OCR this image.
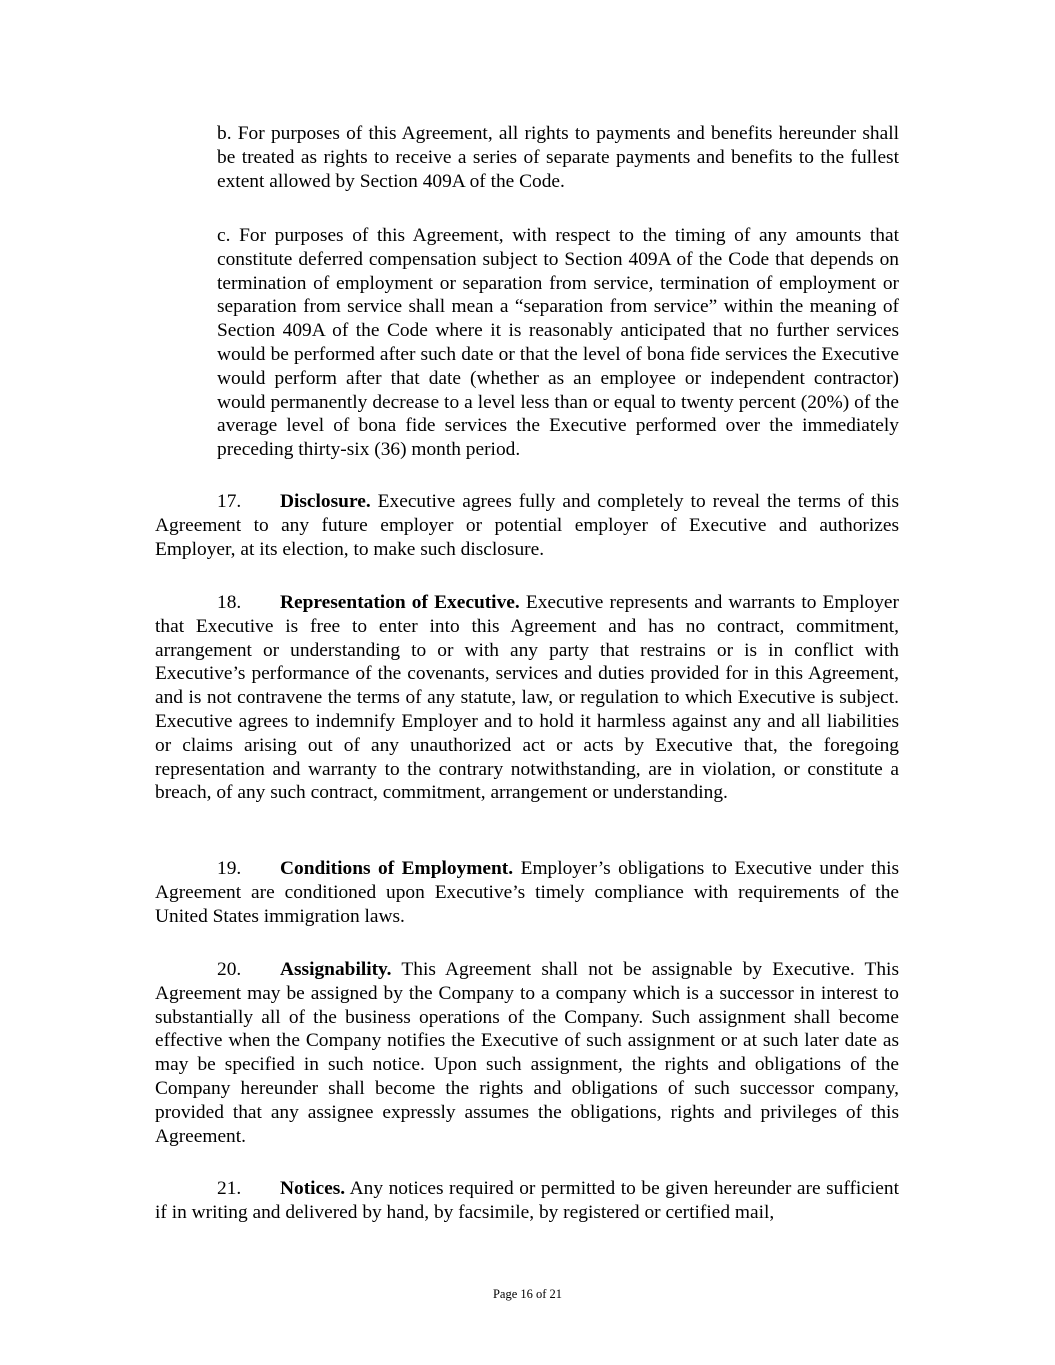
b. For purposes of this Agreement, all rights to payments and benefits hereunder shall be treated as rights to receive a series of separate payments and benefits to the fullest extent allowed by Section 409A of the Code.

c. For purposes of this Agreement, with respect to the timing of any amounts that constitute deferred compensation subject to Section 409A of the Code that depends on termination of employment or separation from service, termination of employment or separation from service shall mean a “separation from service” within the meaning of Section 409A of the Code where it is reasonably anticipated that no further services would be performed after such date or that the level of bona fide services the Executive would perform after that date (whether as an employee or independent contractor) would permanently decrease to a level less than or equal to twenty percent (20%) of the average level of bona fide services the Executive performed over the immediately preceding thirty-six (36) month period.

17. Disclosure. Executive agrees fully and completely to reveal the terms of this Agreement to any future employer or potential employer of Executive and authorizes Employer, at its election, to make such disclosure.

18. Representation of Executive. Executive represents and warrants to Employer that Executive is free to enter into this Agreement and has no contract, commitment, arrangement or understanding to or with any party that restrains or is in conflict with Executive’s performance of the covenants, services and duties provided for in this Agreement, and is not contravene the terms of any statute, law, or regulation to which Executive is subject. Executive agrees to indemnify Employer and to hold it harmless against any and all liabilities or claims arising out of any unauthorized act or acts by Executive that, the foregoing representation and warranty to the contrary notwithstanding, are in violation, or constitute a breach, of any such contract, commitment, arrangement or understanding.

19. Conditions of Employment. Employer’s obligations to Executive under this Agreement are conditioned upon Executive’s timely compliance with requirements of the United States immigration laws.

20. Assignability. This Agreement shall not be assignable by Executive. This Agreement may be assigned by the Company to a company which is a successor in interest to substantially all of the business operations of the Company. Such assignment shall become effective when the Company notifies the Executive of such assignment or at such later date as may be specified in such notice. Upon such assignment, the rights and obligations of the Company hereunder shall become the rights and obligations of such successor company, provided that any assignee expressly assumes the obligations, rights and privileges of this Agreement.

21. Notices. Any notices required or permitted to be given hereunder are sufficient if in writing and delivered by hand, by facsimile, by registered or certified mail,

Page 16 of 21
